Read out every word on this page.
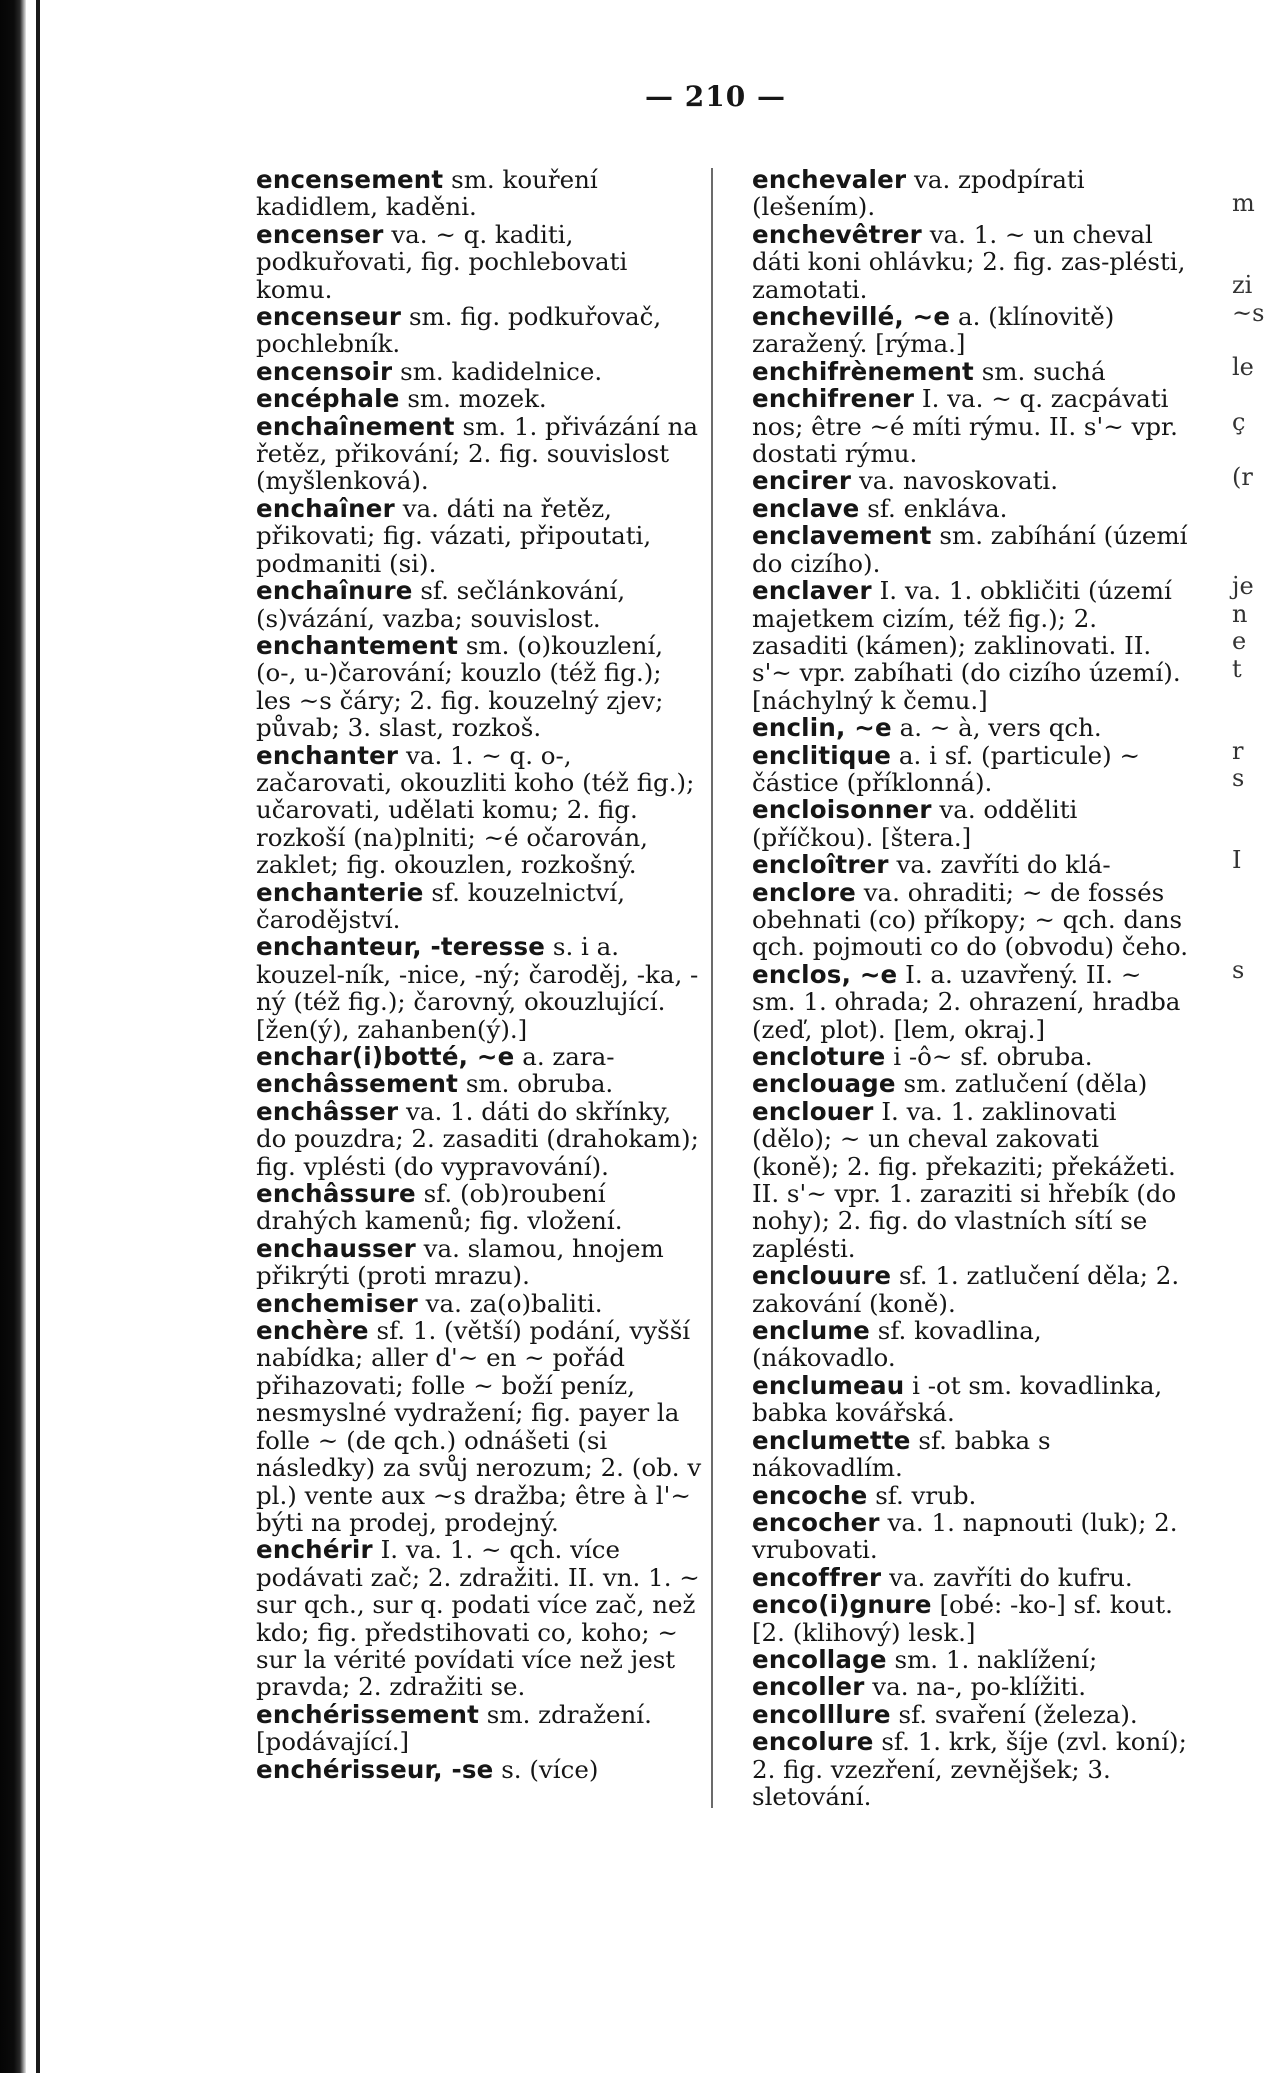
— 210 —

encensement sm. kouření kadidlem, kaděni.

encenser va. ~ q. kaditi, podkuřovati, fig. pochlebovati komu.

encenseur sm. fig. podkuřovač, pochlebník.

encensoir sm. kadidelnice.

encéphale sm. mozek.

enchaînement sm. 1. přivázání na řetěz, přikování; 2. fig. souvislost (myšlenková).

enchaîner va. dáti na řetěz, přikovati; fig. vázati, připoutati, podmaniti (si).

enchaînure sf. sečlánkování, (s)vázání, vazba; souvislost.

enchantement sm. (o)kouzlení, (o-, u-)čarování; kouzlo (též fig.); les ~s čáry; 2. fig. kouzelný zjev; půvab; 3. slast, rozkoš.

enchanter va. 1. ~ q. o-, začarovati, okouzliti koho (též fig.); učarovati, udělati komu; 2. fig. rozkoší (na)plniti; ~é očarován, zaklet; fig. okouzlen, rozkošný.

enchanterie sf. kouzelnictví, čarodějství.

enchanteur, -teresse s. i a. kouzel-ník, -nice, -ný; čaroděj, -ka, -ný (též fig.); čarovný, okouzlující. [žen(ý), zahanben(ý).]

enchar(i)botté, ~e a. zara-

enchâssement sm. obruba.

enchâsser va. 1. dáti do skřínky, do pouzdra; 2. zasaditi (drahokam); fig. vplésti (do vypravování).

enchâssure sf. (ob)roubení drahých kamenů; fig. vložení.

enchausser va. slamou, hnojem přikrýti (proti mrazu).

enchemiser va. za(o)baliti.

enchère sf. 1. (větší) podání, vyšší nabídka; aller d'~ en ~ pořád přihazovati; folle ~ boží peníz, nesmyslné vydražení; fig. payer la folle ~ (de qch.) odnášeti (si následky) za svůj nerozum; 2. (ob. v pl.) vente aux ~s dražba; être à l'~ býti na prodej, prodejný.

enchérir I. va. 1. ~ qch. více podávati zač; 2. zdražiti. II. vn. 1. ~ sur qch., sur q. podati více zač, než kdo; fig. předstihovati co, koho; ~ sur la vérité povídati více než jest pravda; 2. zdražiti se.

enchérissement sm. zdražení. [podávající.]

enchérisseur, -se s. (více)

enchevaler va. zpodpírati (lešením).

enchevêtrer va. 1. ~ un cheval dáti koni ohlávku; 2. fig. zas-plésti, zamotati.

enchevillé, ~e a. (klínovitě) zaražený. [rýma.]

enchifrènement sm. suchá

enchifrener I. va. ~ q. zacpávati nos; être ~é míti rýmu. II. s'~ vpr. dostati rýmu.

encirer va. navoskovati.

enclave sf. enkláva.

enclavement sm. zabíhání (území do cizího).

enclaver I. va. 1. obkličiti (území majetkem cizím, též fig.); 2. zasaditi (kámen); zaklinovati. II. s'~ vpr. zabíhati (do cizího území). [náchylný k čemu.]

enclin, ~e a. ~ à, vers qch.

enclitique a. i sf. (particule) ~ částice (příklonná).

encloisonner va. odděliti (příčkou). [štera.]

encloîtrer va. zavříti do klá-

enclore va. ohraditi; ~ de fossés obehnati (co) příkopy; ~ qch. dans qch. pojmouti co do (obvodu) čeho.

enclos, ~e I. a. uzavřený. II. ~ sm. 1. ohrada; 2. ohrazení, hradba (zeď, plot). [lem, okraj.]

encloture i -ô~ sf. obruba.

enclouage sm. zatlučení (děla)

enclouer I. va. 1. zaklinovati (dělo); ~ un cheval zakovati (koně); 2. fig. překaziti; překážeti. II. s'~ vpr. 1. zaraziti si hřebík (do nohy); 2. fig. do vlastních sítí se zaplésti.

enclouure sf. 1. zatlučení děla; 2. zakování (koně).

enclume sf. kovadlina, (nákovadlo.

enclumeau i -ot sm. kovadlinka, babka kovářská.

enclumette sf. babka s nákovadlím.

encoche sf. vrub.

encocher va. 1. napnouti (luk); 2. vrubovati.

encoffrer va. zavříti do kufru.

enco(i)gnure [obé: -ko-] sf. kout. [2. (klihový) lesk.]

encollage sm. 1. naklížení;

encoller va. na-, po-klížiti.

encolllure sf. svaření (železa).

encolure sf. 1. krk, šíje (zvl. koní); 2. fig. vzezření, zevnějšek; 3. sletování.

m
zi
~s
le
ç
(r
je
n
e
t
r
s
I
s
